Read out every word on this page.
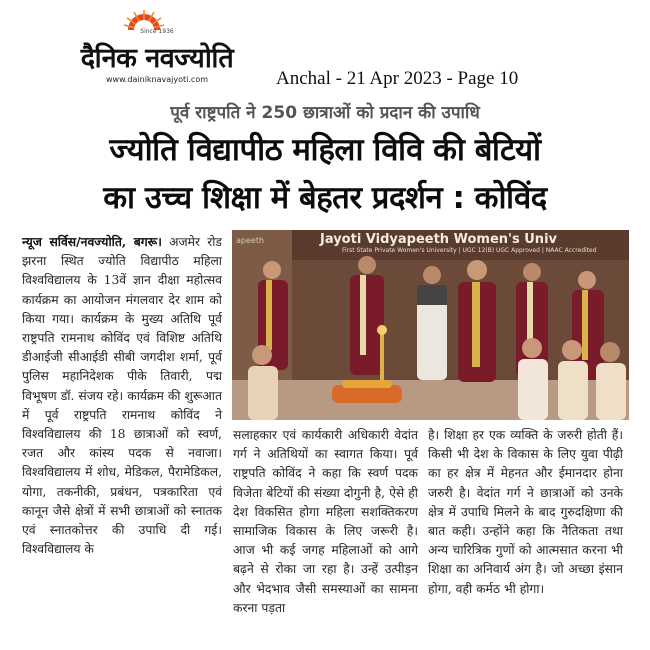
Since 1936
दैनिक नवज्योति
www.dainiknavajyoti.com	Anchal - 21 Apr 2023 - Page 10
पूर्व राष्ट्रपति ने 250 छात्राओं को प्रदान की उपाधि
ज्योति विद्यापीठ महिला विवि की बेटियों
का उच्च शिक्षा में बेहतर प्रदर्शन : कोविंद
न्यूज सर्विस/नवज्योति, बगरू। अजमेर रोड झरना स्थित ज्योति विद्यापीठ महिला विश्वविद्यालय के 13वें ज्ञान दीक्षा महोत्सव कार्यक्रम का आयोजन मंगलवार देर शाम को किया गया। कार्यक्रम के मुख्य अतिथि पूर्व राष्ट्रपति रामनाथ कोविंद एवं विशिष्ट अतिथि डीआईजी सीआईडी सीबी जगदीश शर्मा, पूर्व पुलिस महानिदेशक पीके तिवारी, पद्म विभूषण डॉ. संजय रहे। कार्यक्रम की शुरूआत में पूर्व राष्ट्रपति रामनाथ कोविंद ने विश्वविद्यालय की 18 छात्राओं को स्वर्ण, रजत और कांस्य पदक से नवाजा। विश्वविद्यालय में शोध, मेडिकल, पैरामेडिकल, योगा, तकनीकी, प्रबंधन, पत्रकारिता एवं कानून जैसे क्षेत्रों में सभी छात्राओं को स्नातक एवं स्नातकोत्तर की उपाधि दी गई। विश्वविद्यालय के
apeeth	Jayoti Vidyapeeth Women's Univ
First State Private Women's University | UGC 12(B) UGC Approved | NAAC Accredited
सलाहकार एवं कार्यकारी अधिकारी वेदांत गर्ग ने अतिथियों का स्वागत किया। पूर्व राष्ट्रपति कोविंद ने कहा कि स्वर्ण पदक विजेता बेटियों की संख्या दोगुनी है, ऐसे ही देश विकसित होगा महिला सशक्तिकरण सामाजिक विकास के लिए जरूरी है। आज भी कई जगह महिलाओं को आगे बढ़ने से रोका जा रहा है। उन्हें उत्पीड़न और भेदभाव जैसी समस्याओं का सामना करना पड़ता
है। शिक्षा हर एक व्यक्ति के जरुरी होती हैं। किसी भी देश के विकास के लिए युवा पीढ़ी का हर क्षेत्र में मेहनत और ईमानदार होना जरुरी है। वेदांत गर्ग ने छात्राओं को उनके क्षेत्र में उपाधि मिलने के बाद गुरुदक्षिणा की बात कही। उन्होंने कहा कि नैतिकता तथा अन्य चारित्रिक गुणों को आत्मसात करना भी शिक्षा का अनिवार्य अंग है। जो अच्छा इंसान होगा, वही कर्मठ भी होगा।
